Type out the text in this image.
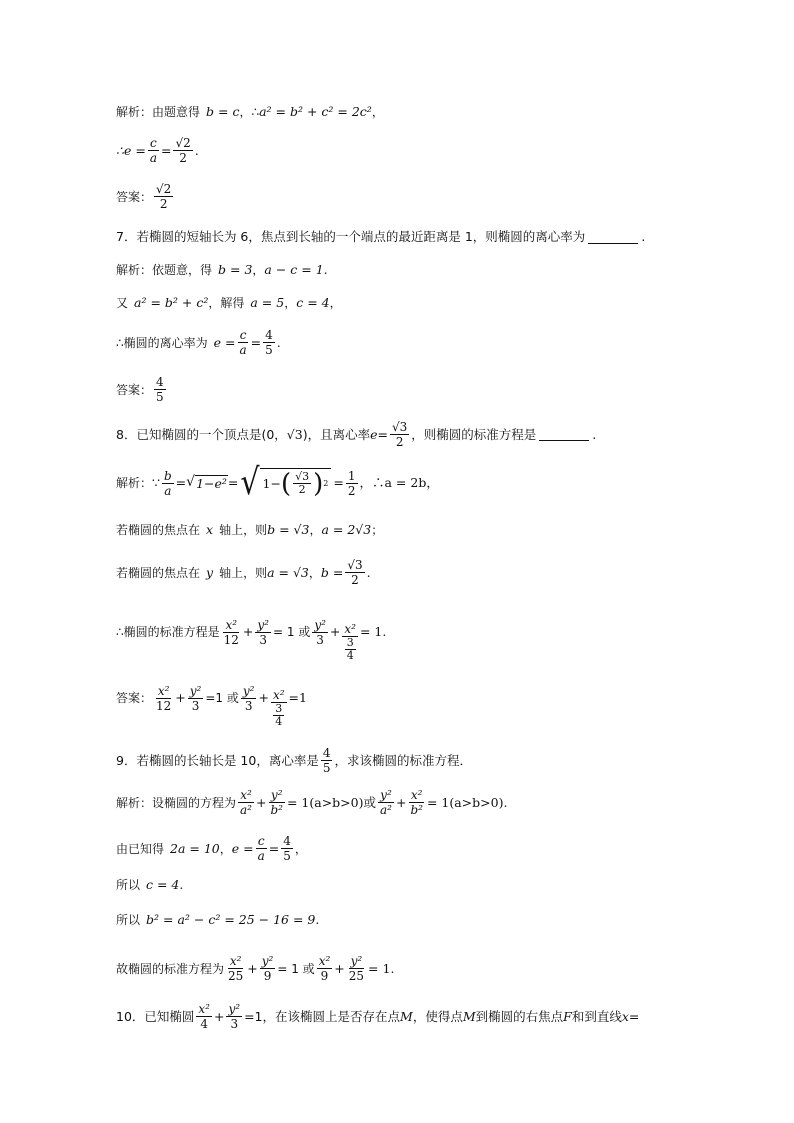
解析：由题意得 b = c ，∴ a² = b² + c² = 2c² ，
∴e = $\frac{c}{a} = \frac{√2}{2}$ .
答案： $\frac{√2}{2}$
7．若椭圆的短轴长为 6，焦点到长轴的一个端点的最近距离是 1，则椭圆的离心率为	.
解析：依题意，得 b = 3 ， a − c = 1 .
又 a² = b² + c² ，解得 a = 5 ， c = 4 ，
∴椭圆的离心率为 $e = \frac{c}{a} = \frac{4}{5}$ .
答案： $\frac{4}{5}$
8．已知椭圆的一个顶点是(0， √3 )，且离心率 $e = \frac{√3}{2}$ ，则椭圆的标准方程是	.
解析： ∵ $\frac{b}{a}$ = √ 1−e² = √ 1− ( $\frac{√3}{2}$ ) $2 = \frac{1}{2}$ ，∴a = 2b，
若椭圆的焦点在 x 轴上，则 b = √3 ， a = 2√3 ；
若椭圆的焦点在 y 轴上，则 a = √3 ， $b = \frac{√3}{2}$ .
∴椭圆的标准方程是 $\frac{\text{x²}}{12} + \frac{\text{y²}}{3} = 1$ 或 $\frac{\text{y²}}{3} + \frac{\text{x²}}{\frac{3}{4}} = 1$.
答案： $\frac{\text{x²}}{12} + \frac{\text{y²}}{3} =1$ 或 $\frac{\text{y²}}{3} + \frac{\text{x²}}{\frac{3}{4}} =1$
9．若椭圆的长轴长是 10，离心率是 $\frac{4}{5}$ ，求该椭圆的标准方程．
解析：设椭圆的方程为 $\frac{\text{x²}}{\text{a²}} + \frac{\text{y²}}{\text{b²}} = 1(a>b>0)$或 $\frac{\text{y²}}{\text{a²}} + \frac{\text{x²}}{\text{b²}} = 1(a>b>0)$.
由已知得 2a = 10 ， $e = \frac{c}{a} = \frac{4}{5}$ ，
所以 c = 4.
所以 b² = a² − c² = 25 − 16 = 9.
故椭圆的标准方程为 $\frac{\text{x²}}{25} + \frac{\text{y²}}{9} = 1$ 或 $\frac{\text{x²}}{9} + \frac{\text{y²}}{25} = 1$.
10．已知椭圆 $\frac{\text{x²}}{4} + \frac{\text{y²}}{3} =1$，在该椭圆上是否存在点 M ，使得点 M 到椭圆的右焦点 F 和到直线 x =
